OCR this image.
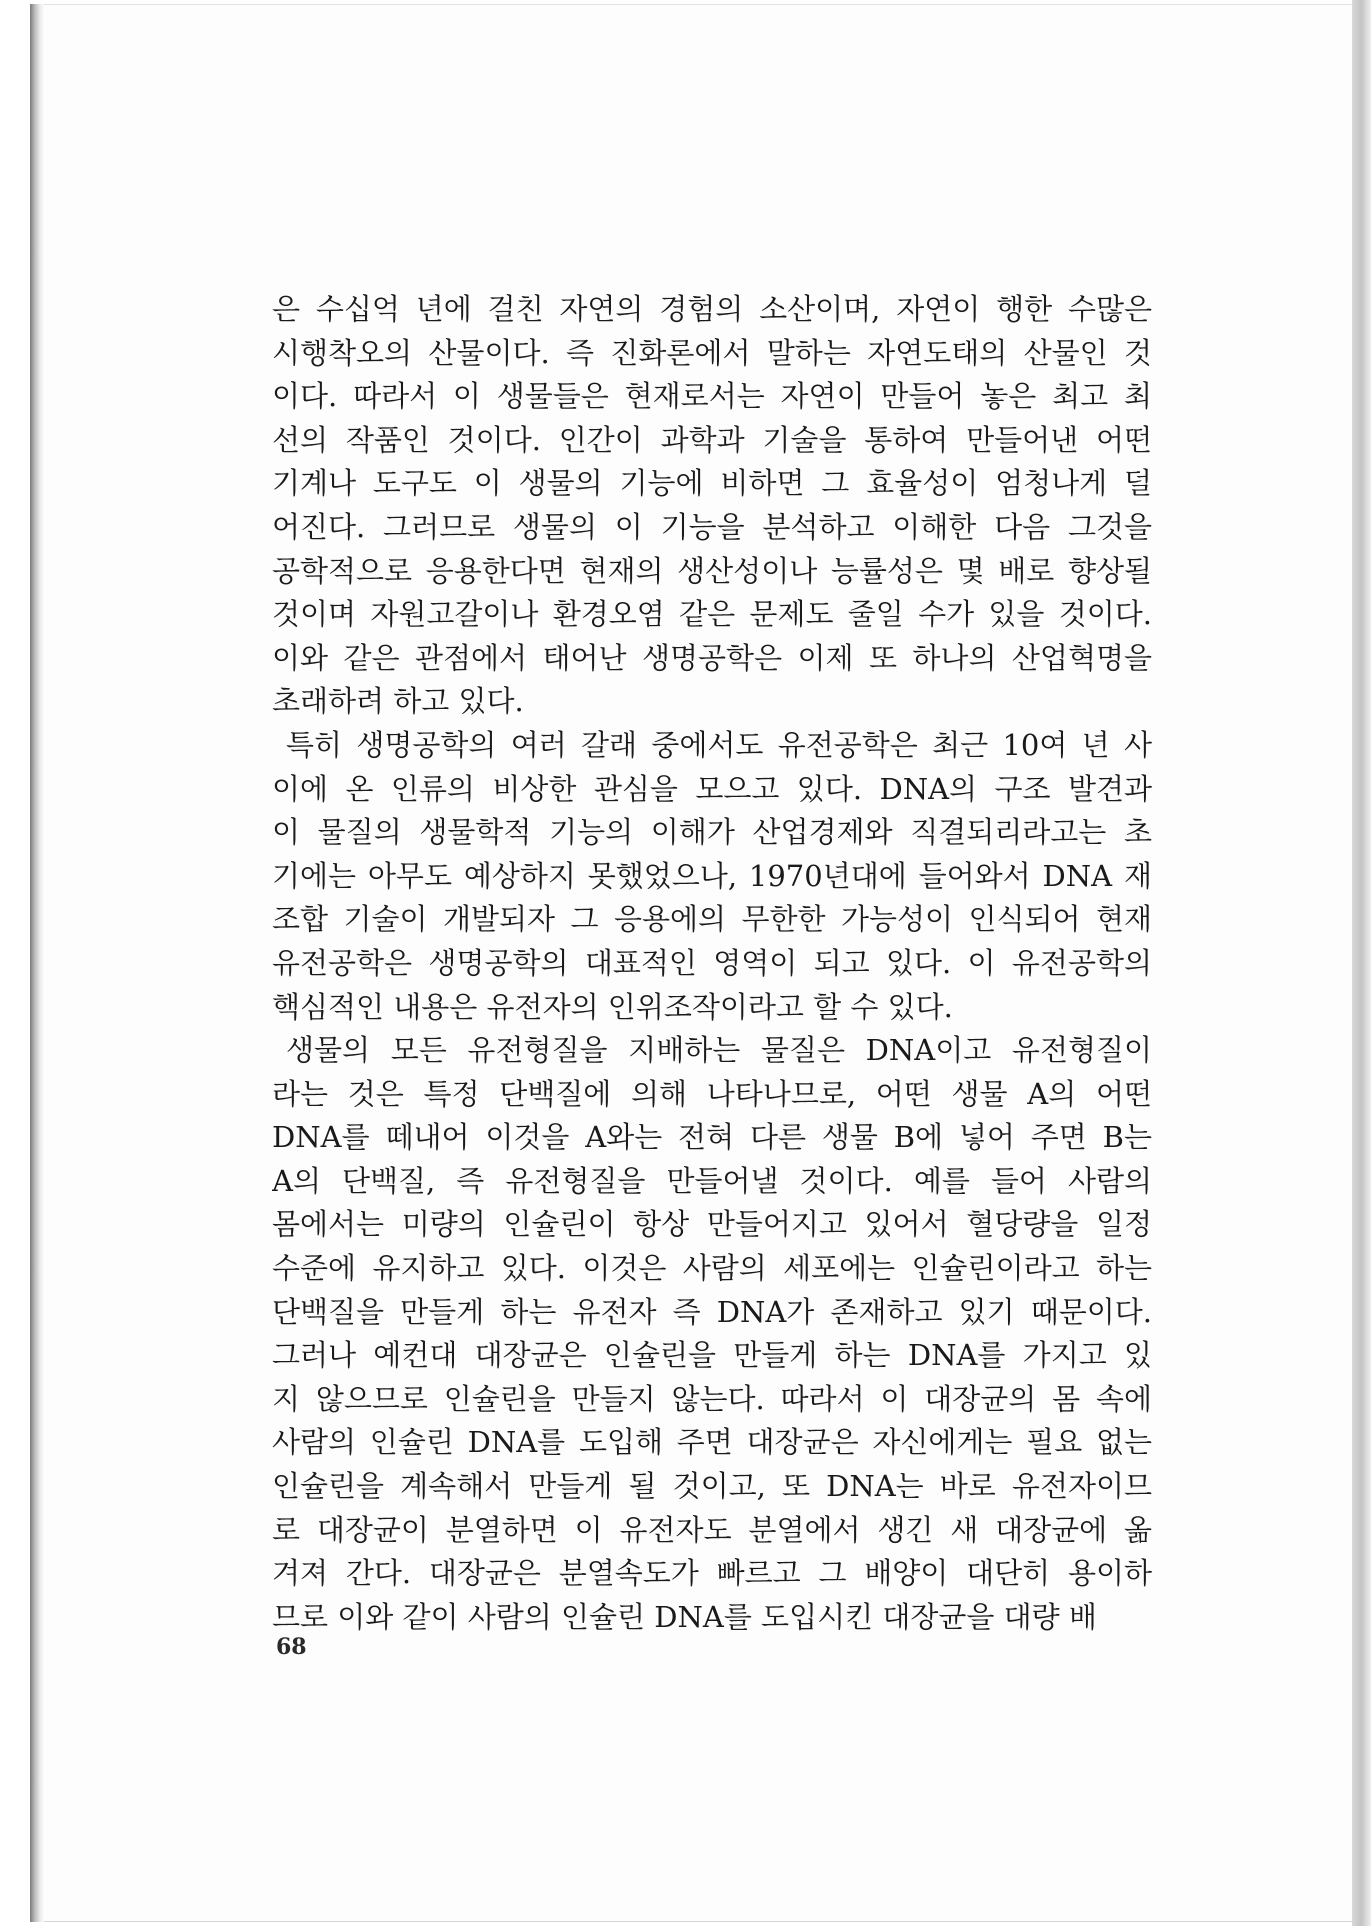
은 수십억 년에 걸친 자연의 경험의 소산이며, 자연이 행한 수많은
시행착오의 산물이다. 즉 진화론에서 말하는 자연도태의 산물인 것
이다. 따라서 이 생물들은 현재로서는 자연이 만들어 놓은 최고 최
선의 작품인 것이다. 인간이 과학과 기술을 통하여 만들어낸 어떤
기계나 도구도 이 생물의 기능에 비하면 그 효율성이 엄청나게 덜
어진다. 그러므로 생물의 이 기능을 분석하고 이해한 다음 그것을
공학적으로 응용한다면 현재의 생산성이나 능률성은 몇 배로 향상될
것이며 자원고갈이나 환경오염 같은 문제도 줄일 수가 있을 것이다.
이와 같은 관점에서 태어난 생명공학은 이제 또 하나의 산업혁명을
초래하려 하고 있다.
특히 생명공학의 여러 갈래 중에서도 유전공학은 최근 10여 년 사
이에 온 인류의 비상한 관심을 모으고 있다. DNA의 구조 발견과
이 물질의 생물학적 기능의 이해가 산업경제와 직결되리라고는 초
기에는 아무도 예상하지 못했었으나, 1970년대에 들어와서 DNA 재
조합 기술이 개발되자 그 응용에의 무한한 가능성이 인식되어 현재
유전공학은 생명공학의 대표적인 영역이 되고 있다. 이 유전공학의
핵심적인 내용은 유전자의 인위조작이라고 할 수 있다.
생물의 모든 유전형질을 지배하는 물질은 DNA이고 유전형질이
라는 것은 특정 단백질에 의해 나타나므로, 어떤 생물 A의 어떤
DNA를 떼내어 이것을 A와는 전혀 다른 생물 B에 넣어 주면 B는
A의 단백질, 즉 유전형질을 만들어낼 것이다. 예를 들어 사람의
몸에서는 미량의 인슐린이 항상 만들어지고 있어서 혈당량을 일정
수준에 유지하고 있다. 이것은 사람의 세포에는 인슐린이라고 하는
단백질을 만들게 하는 유전자 즉 DNA가 존재하고 있기 때문이다.
그러나 예컨대 대장균은 인슐린을 만들게 하는 DNA를 가지고 있
지 않으므로 인슐린을 만들지 않는다. 따라서 이 대장균의 몸 속에
사람의 인슐린 DNA를 도입해 주면 대장균은 자신에게는 필요 없는
인슐린을 계속해서 만들게 될 것이고, 또 DNA는 바로 유전자이므
로 대장균이 분열하면 이 유전자도 분열에서 생긴 새 대장균에 옮
겨져 간다. 대장균은 분열속도가 빠르고 그 배양이 대단히 용이하
므로 이와 같이 사람의 인슐린 DNA를 도입시킨 대장균을 대량 배
68
